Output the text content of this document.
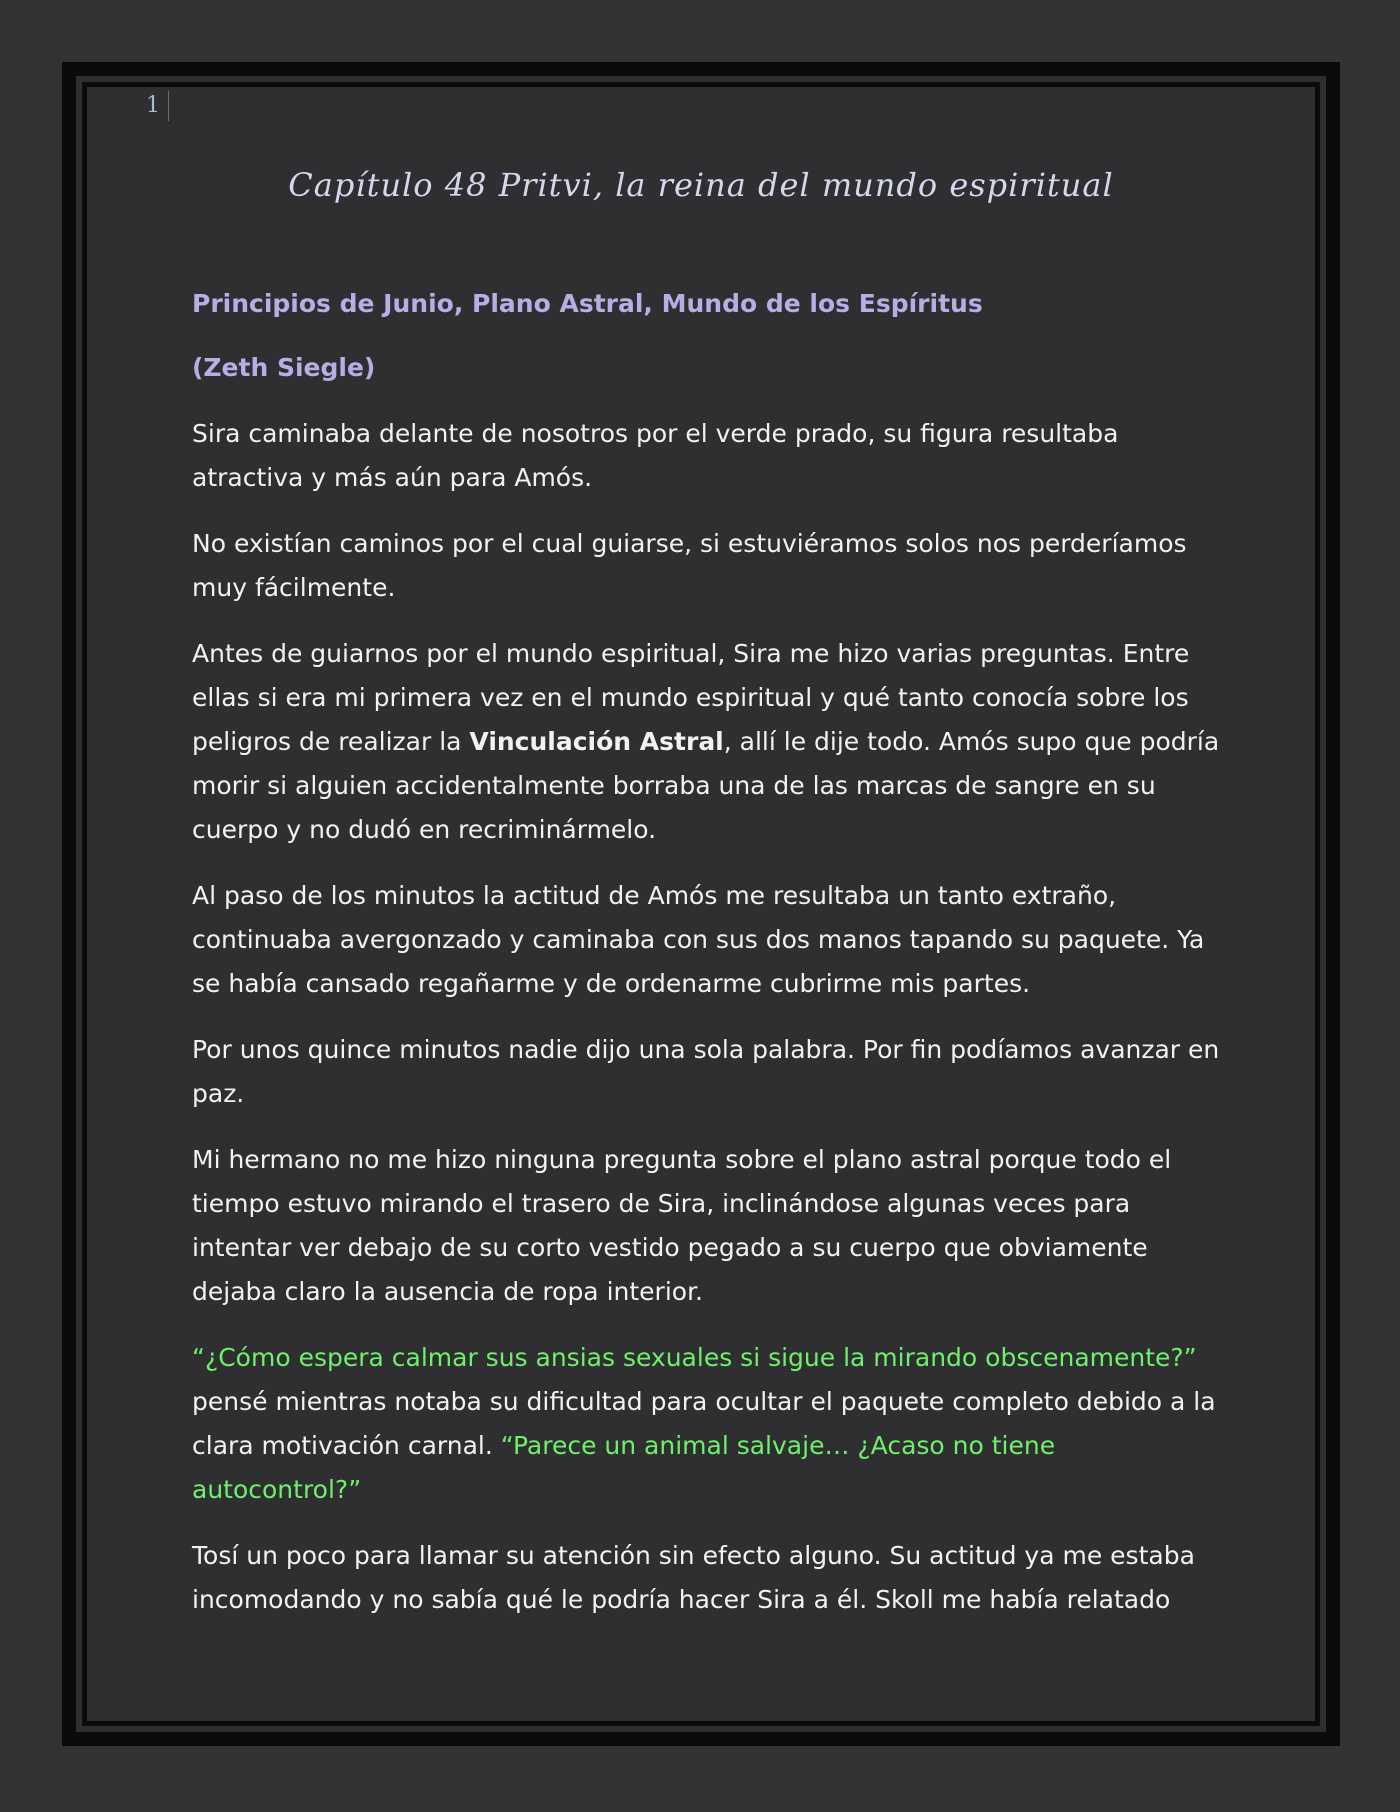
1
Capítulo 48 Pritvi, la reina del mundo espiritual

Principios de Junio, Plano Astral, Mundo de los Espíritus

(Zeth Siegle)

Sira caminaba delante de nosotros por el verde prado, su figura resultaba atractiva y más aún para Amós.

No existían caminos por el cual guiarse, si estuviéramos solos nos perderíamos muy fácilmente.

Antes de guiarnos por el mundo espiritual, Sira me hizo varias preguntas. Entre ellas si era mi primera vez en el mundo espiritual y qué tanto conocía sobre los peligros de realizar la Vinculación Astral, allí le dije todo. Amós supo que podría morir si alguien accidentalmente borraba una de las marcas de sangre en su cuerpo y no dudó en recriminármelo.

Al paso de los minutos la actitud de Amós me resultaba un tanto extraño, continuaba avergonzado y caminaba con sus dos manos tapando su paquete. Ya se había cansado regañarme y de ordenarme cubrirme mis partes.

Por unos quince minutos nadie dijo una sola palabra. Por fin podíamos avanzar en paz.

Mi hermano no me hizo ninguna pregunta sobre el plano astral porque todo el tiempo estuvo mirando el trasero de Sira, inclinándose algunas veces para intentar ver debajo de su corto vestido pegado a su cuerpo que obviamente dejaba claro la ausencia de ropa interior.

“¿Cómo espera calmar sus ansias sexuales si sigue la mirando obscenamente?” pensé mientras notaba su dificultad para ocultar el paquete completo debido a la clara motivación carnal. “Parece un animal salvaje… ¿Acaso no tiene autocontrol?”

Tosí un poco para llamar su atención sin efecto alguno. Su actitud ya me estaba incomodando y no sabía qué le podría hacer Sira a él. Skoll me había relatado
